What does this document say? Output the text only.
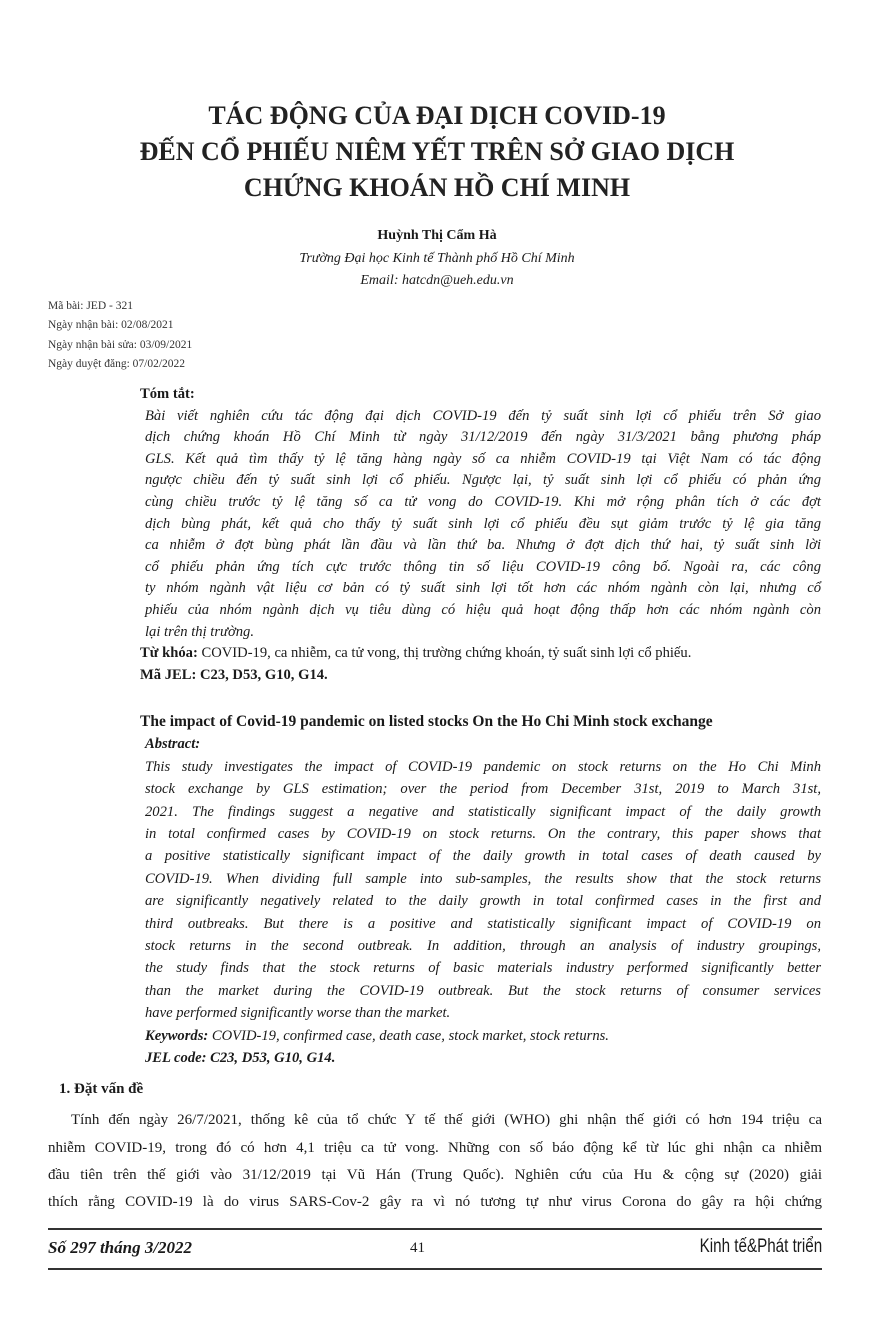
TÁC ĐỘNG CỦA ĐẠI DỊCH COVID-19
ĐẾN CỔ PHIẾU NIÊM YẾT TRÊN SỞ GIAO DỊCH
CHỨNG KHOÁN HỒ CHÍ MINH
Huỳnh Thị Cẩm Hà
Trường Đại học Kinh tế Thành phố Hồ Chí Minh
Email: hatcdn@ueh.edu.vn
Mã bài: JED - 321
Ngày nhận bài: 02/08/2021
Ngày nhận bài sửa: 03/09/2021
Ngày duyệt đăng: 07/02/2022
Tóm tắt:
Bài viết nghiên cứu tác động đại dịch COVID-19 đến tỷ suất sinh lợi cổ phiếu trên Sở giao
dịch chứng khoán Hồ Chí Minh từ ngày 31/12/2019 đến ngày 31/3/2021 bằng phương pháp
GLS. Kết quả tìm thấy tỷ lệ tăng hàng ngày số ca nhiễm COVID-19 tại Việt Nam có tác động
ngược chiều đến tỷ suất sinh lợi cổ phiếu. Ngược lại, tỷ suất sinh lợi cổ phiếu có phản ứng
cùng chiều trước tỷ lệ tăng số ca tử vong do COVID-19. Khi mở rộng phân tích ở các đợt
dịch bùng phát, kết quả cho thấy tỷ suất sinh lợi cổ phiếu đều sụt giảm trước tỷ lệ gia tăng
ca nhiễm ở đợt bùng phát lần đầu và lần thứ ba. Nhưng ở đợt dịch thứ hai, tỷ suất sinh lời
cổ phiếu phản ứng tích cực trước thông tin số liệu COVID-19 công bố. Ngoài ra, các công
ty nhóm ngành vật liệu cơ bản có tỷ suất sinh lợi tốt hơn các nhóm ngành còn lại, nhưng cổ
phiếu của nhóm ngành dịch vụ tiêu dùng có hiệu quả hoạt động thấp hơn các nhóm ngành còn
lại trên thị trường.
Từ khóa: COVID-19, ca nhiễm, ca tử vong, thị trường chứng khoán, tỷ suất sinh lợi cổ phiếu.
Mã JEL: C23, D53, G10, G14.
The impact of Covid-19 pandemic on listed stocks On the Ho Chi Minh stock exchange
Abstract:
This study investigates the impact of COVID-19 pandemic on stock returns on the Ho Chi Minh
stock exchange by GLS estimation; over the period from December 31st, 2019 to March 31st,
2021. The findings suggest a negative and statistically significant impact of the daily growth
in total confirmed cases by COVID-19 on stock returns. On the contrary, this paper shows that
a positive statistically significant impact of the daily growth in total cases of death caused by
COVID-19. When dividing full sample into sub-samples, the results show that the stock returns
are significantly negatively related to the daily growth in total confirmed cases in the first and
third outbreaks. But there is a positive and statistically significant impact of COVID-19 on
stock returns in the second outbreak. In addition, through an analysis of industry groupings,
the study finds that the stock returns of basic materials industry performed significantly better
than the market during the COVID-19 outbreak. But the stock returns of consumer services
have performed significantly worse than the market.
Keywords: COVID-19, confirmed case, death case, stock market, stock returns.
JEL code: C23, D53, G10, G14.
1. Đặt vấn đề
Tính đến ngày 26/7/2021, thống kê của tổ chức Y tế thế giới (WHO) ghi nhận thế giới có hơn 194 triệu ca
nhiễm COVID-19, trong đó có hơn 4,1 triệu ca tử vong. Những con số báo động kể từ lúc ghi nhận ca nhiễm
đầu tiên trên thế giới vào 31/12/2019 tại Vũ Hán (Trung Quốc). Nghiên cứu của Hu & cộng sự (2020) giải
thích rằng COVID-19 là do virus SARS-Cov-2 gây ra vì nó tương tự như virus Corona do gây ra hội chứng
Số 297 tháng 3/2022	41	Kinh tế&Phát triển
